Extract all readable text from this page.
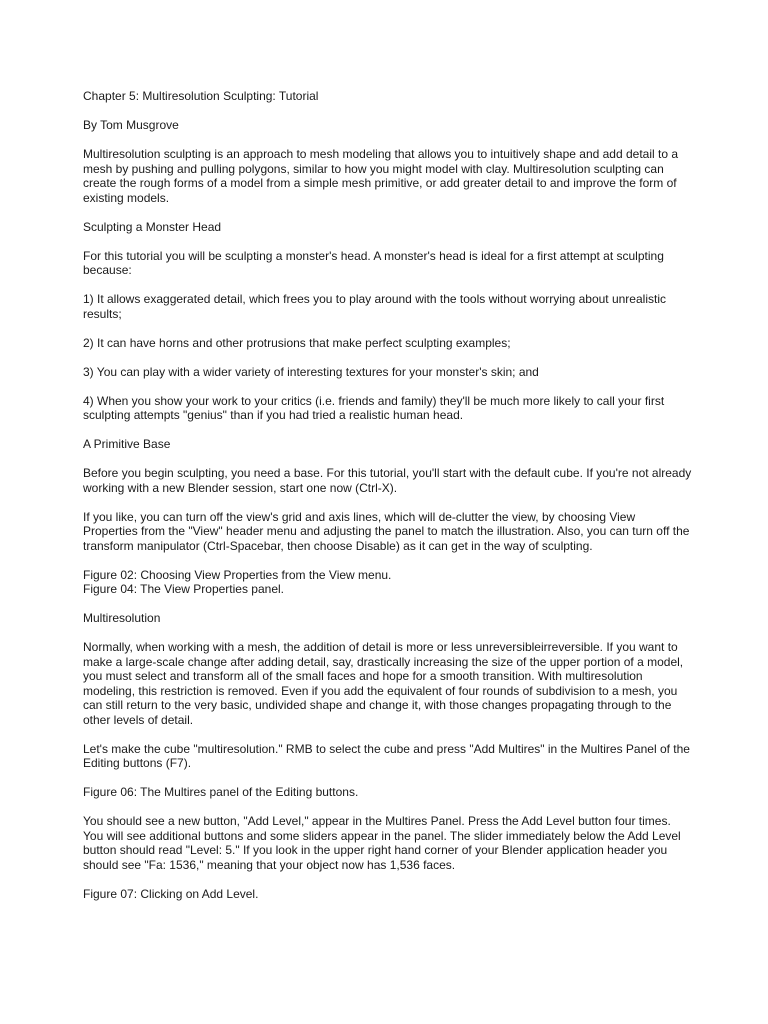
Chapter 5: Multiresolution Sculpting: Tutorial

By Tom Musgrove

Multiresolution sculpting is an approach to mesh modeling that allows you to intuitively shape and add detail to a mesh by pushing and pulling polygons, similar to how you might model with clay. Multiresolution sculpting can create the rough forms of a model from a simple mesh primitive, or add greater detail to and improve the form of existing models.

Sculpting a Monster Head

For this tutorial you will be sculpting a monster's head. A monster's head is ideal for a first attempt at sculpting because:

1) It allows exaggerated detail, which frees you to play around with the tools without worrying about unrealistic results;

2) It can have horns and other protrusions that make perfect sculpting examples;

3) You can play with a wider variety of interesting textures for your monster's skin; and

4) When you show your work to your critics (i.e. friends and family) they'll be much more likely to call your first sculpting attempts "genius" than if you had tried a realistic human head.

A Primitive Base

Before you begin sculpting, you need a base. For this tutorial, you'll start with the default cube. If you're not already working with a new Blender session, start one now (Ctrl-X).

If you like, you can turn off the view's grid and axis lines, which will de-clutter the view, by choosing View Properties from the "View" header menu and adjusting the panel to match the illustration. Also, you can turn off the transform manipulator (Ctrl-Spacebar, then choose Disable) as it can get in the way of sculpting.

Figure 02: Choosing View Properties from the View menu.

Figure 04: The View Properties panel.

Multiresolution

Normally, when working with a mesh, the addition of detail is more or less unreversibleirreversible. If you want to make a large-scale change after adding detail, say, drastically increasing the size of the upper portion of a model, you must select and transform all of the small faces and hope for a smooth transition. With multiresolution modeling, this restriction is removed. Even if you add the equivalent of four rounds of subdivision to a mesh, you can still return to the very basic, undivided shape and change it, with those changes propagating through to the other levels of detail.

Let's make the cube "multiresolution." RMB to select the cube and press "Add Multires" in the Multires Panel of the Editing buttons (F7).

Figure 06: The Multires panel of the Editing buttons.

You should see a new button, "Add Level," appear in the Multires Panel. Press the Add Level button four times. You will see additional buttons and some sliders appear in the panel. The slider immediately below the Add Level button should read "Level: 5." If you look in the upper right hand corner of your Blender application header you should see "Fa: 1536," meaning that your object now has 1,536 faces.

Figure 07: Clicking on Add Level.
